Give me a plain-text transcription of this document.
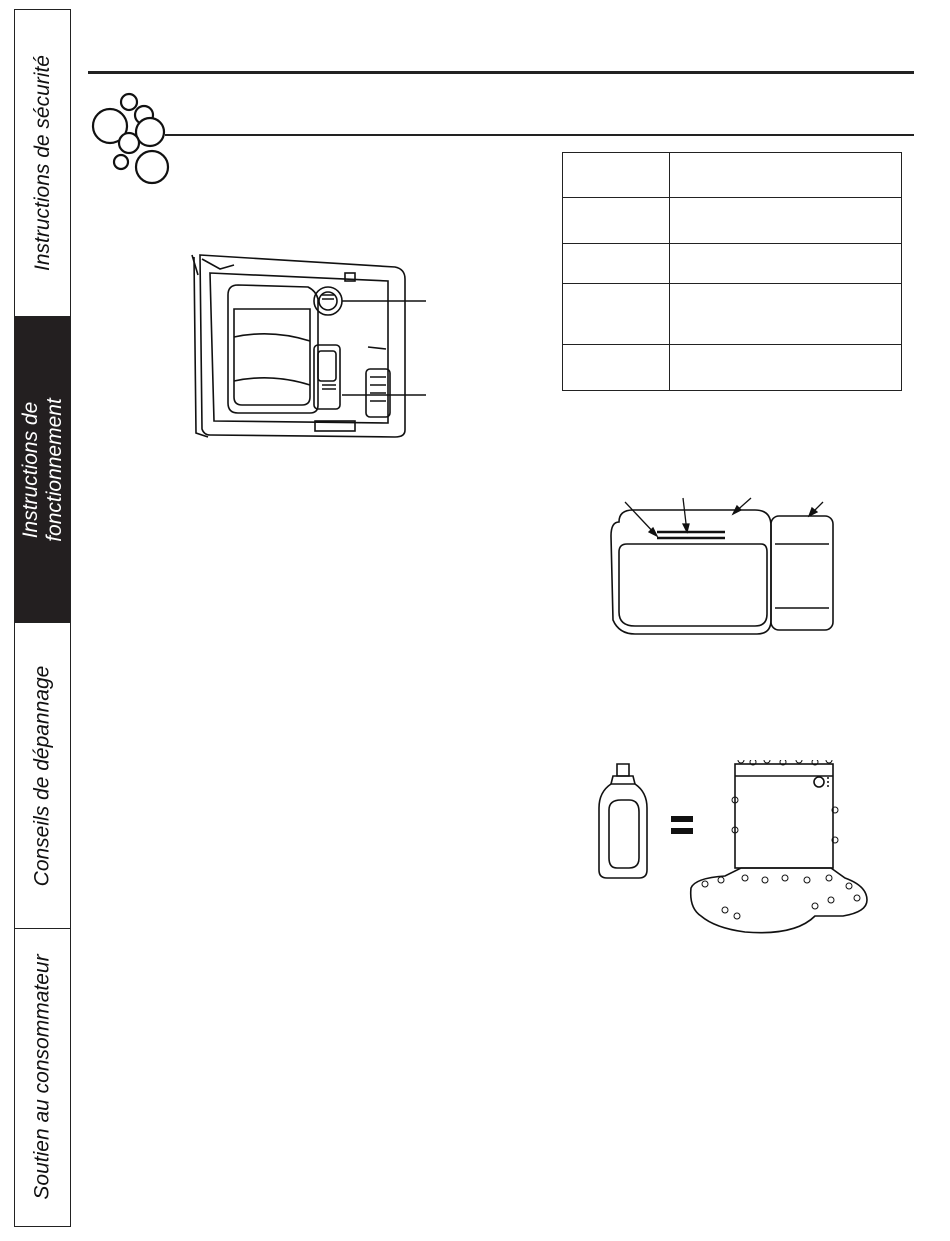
Instructions de sécurité
Instructions de fonctionnement
Conseils de dépannage
Soutien au consommateur
